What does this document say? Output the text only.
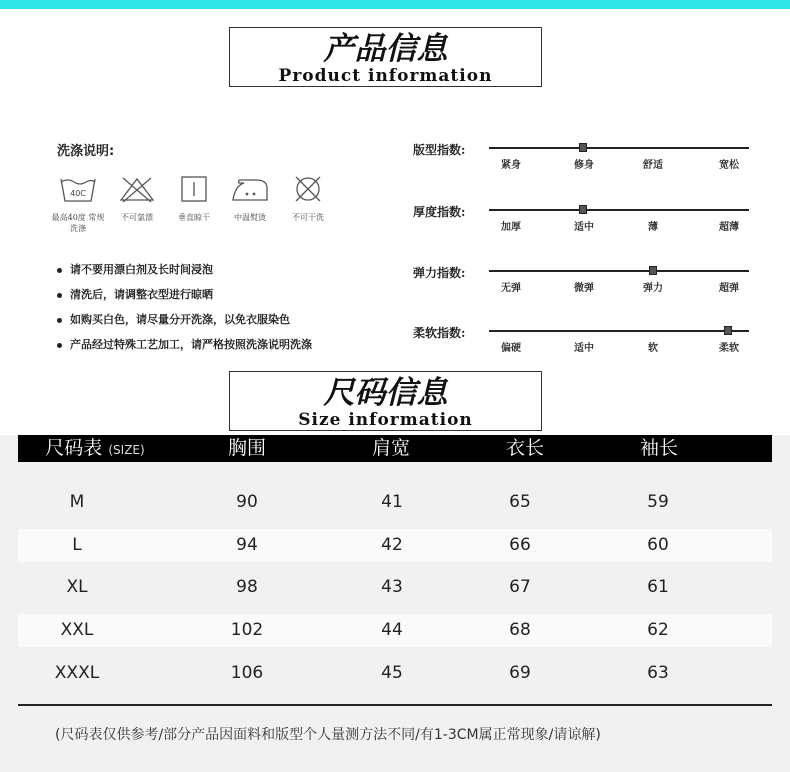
产品信息
Product information
洗涤说明:
40C
最高40度 常规洗涤
不可氯漂	垂直晾干	中温熨烫	不可干洗
请不要用漂白剂及长时间浸泡
清洗后，请调整衣型进行晾晒
如购买白色，请尽量分开洗涤，以免衣服染色
产品经过特殊工艺加工，请严格按照洗涤说明洗涤
版型指数:
紧身	修身	舒适	宽松
厚度指数:
加厚	适中	薄	超薄
弹力指数:
无弹	微弹	弹力	超弹
柔软指数:
偏硬	适中	软	柔软
尺码信息
Size information
尺码表 (SIZE)	胸围	肩宽	衣长	袖长
M	90	41	65	59
L	94	42	66	60
XL	98	43	67	61
XXL	102	44	68	62
XXXL	106	45	69	63
(尺码表仅供参考/部分产品因面料和版型个人量测方法不同/有1-3CM属正常现象/请谅解)
